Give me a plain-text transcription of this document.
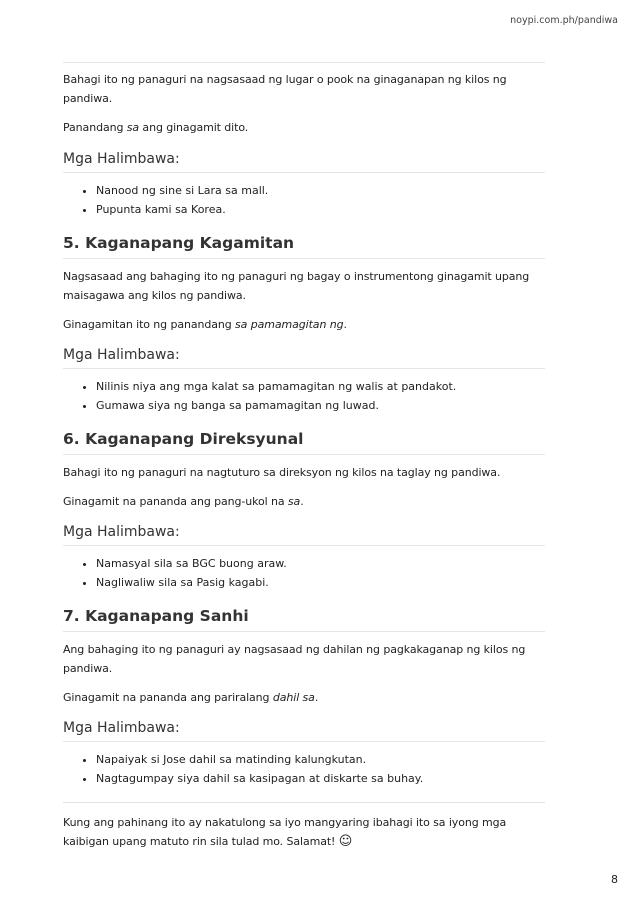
noypi.com.ph/pandiwa

Bahagi ito ng panaguri na nagsasaad ng lugar o pook na ginaganapan ng kilos ng pandiwa.

Panandang sa ang ginagamit dito.

Mga Halimbawa:
• Nanood ng sine si Lara sa mall.
• Pupunta kami sa Korea.
5. Kaganapang Kagamitan

Nagsasaad ang bahaging ito ng panaguri ng bagay o instrumentong ginagamit upang maisagawa ang kilos ng pandiwa.

Ginagamitan ito ng panandang sa pamamagitan ng.

Mga Halimbawa:
• Nilinis niya ang mga kalat sa pamamagitan ng walis at pandakot.
• Gumawa siya ng banga sa pamamagitan ng luwad.
6. Kaganapang Direksyunal

Bahagi ito ng panaguri na nagtuturo sa direksyon ng kilos na taglay ng pandiwa.

Ginagamit na pananda ang pang-ukol na sa.

Mga Halimbawa:
• Namasyal sila sa BGC buong araw.
• Nagliwaliw sila sa Pasig kagabi.
7. Kaganapang Sanhi

Ang bahaging ito ng panaguri ay nagsasaad ng dahilan ng pagkakaganap ng kilos ng pandiwa.

Ginagamit na pananda ang pariralang dahil sa.

Mga Halimbawa:
• Napaiyak si Jose dahil sa matinding kalungkutan.
• Nagtagumpay siya dahil sa kasipagan at diskarte sa buhay.

Kung ang pahinang ito ay nakatulong sa iyo mangyaring ibahagi ito sa iyong mga kaibigan upang matuto rin sila tulad mo. Salamat! ☺

8
